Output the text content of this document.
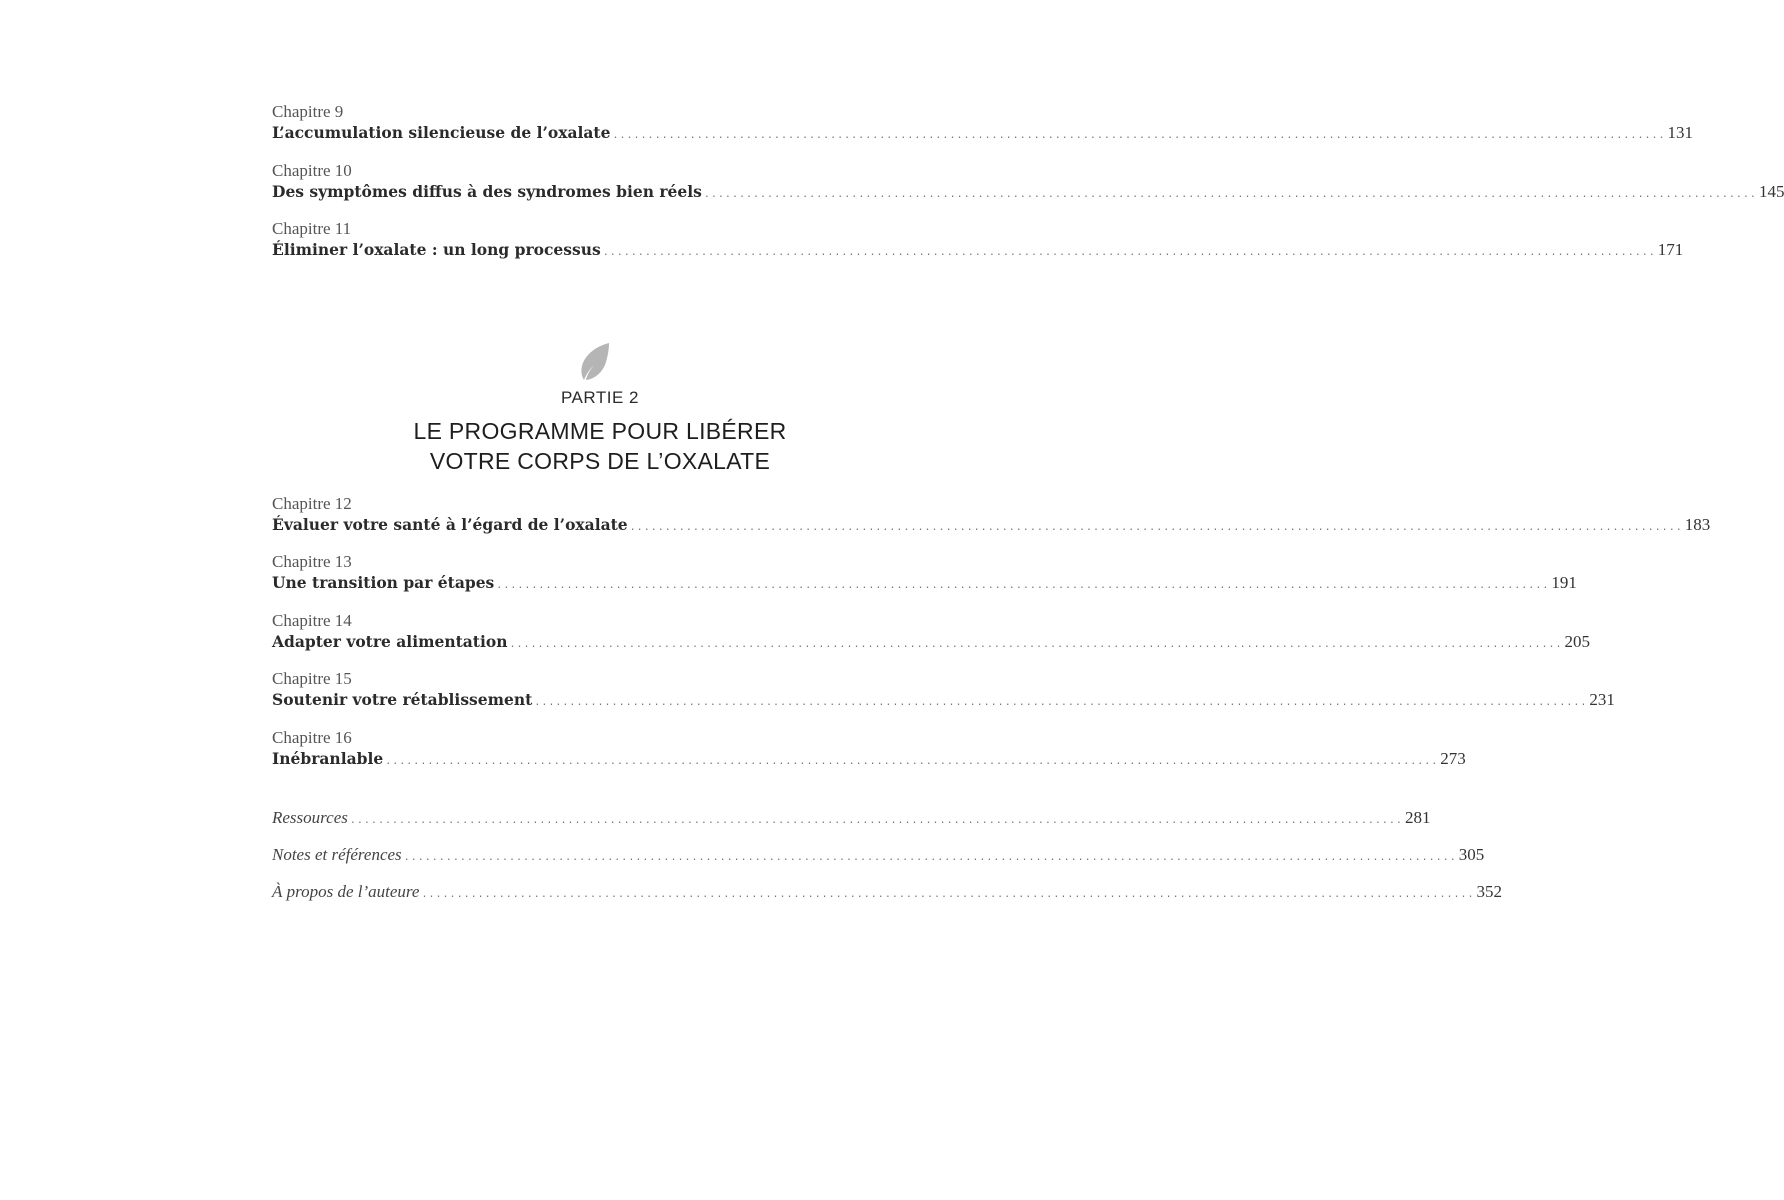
Chapitre 9
L’accumulation silencieuse de l’oxalate ...................................................................................................................................................... 131
Chapitre 10
Des symptômes diffus à des syndromes bien réels ...................................................................................................................................................... 145
Chapitre 11
Éliminer l’oxalate : un long processus ...................................................................................................................................................... 171
PARTIE 2
LE PROGRAMME POUR LIBÉRER
VOTRE CORPS DE L’OXALATE
Chapitre 12
Évaluer votre santé à l’égard de l’oxalate ...................................................................................................................................................... 183
Chapitre 13
Une transition par étapes ...................................................................................................................................................... 191
Chapitre 14
Adapter votre alimentation ...................................................................................................................................................... 205
Chapitre 15
Soutenir votre rétablissement ...................................................................................................................................................... 231
Chapitre 16
Inébranlable ...................................................................................................................................................... 273
Ressources ...................................................................................................................................................... 281
Notes et références ...................................................................................................................................................... 305
À propos de l’auteure ...................................................................................................................................................... 352
